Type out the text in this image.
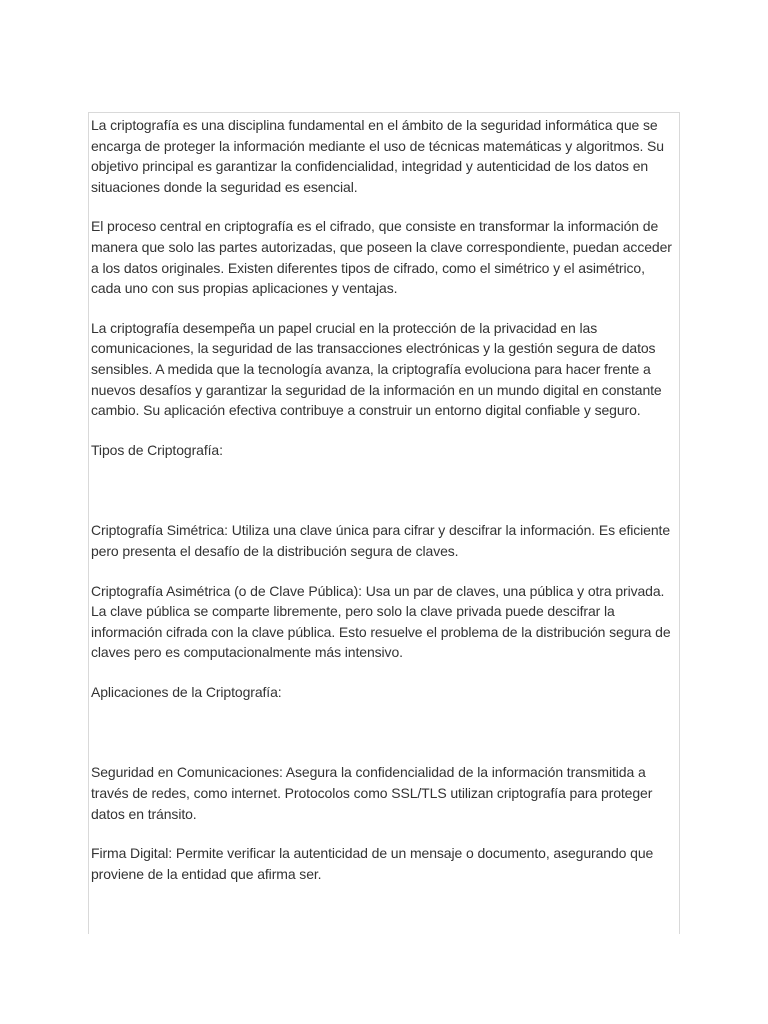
La criptografía es una disciplina fundamental en el ámbito de la seguridad informática que se encarga de proteger la información mediante el uso de técnicas matemáticas y algoritmos. Su objetivo principal es garantizar la confidencialidad, integridad y autenticidad de los datos en situaciones donde la seguridad es esencial.

El proceso central en criptografía es el cifrado, que consiste en transformar la información de manera que solo las partes autorizadas, que poseen la clave correspondiente, puedan acceder a los datos originales. Existen diferentes tipos de cifrado, como el simétrico y el asimétrico, cada uno con sus propias aplicaciones y ventajas.

La criptografía desempeña un papel crucial en la protección de la privacidad en las comunicaciones, la seguridad de las transacciones electrónicas y la gestión segura de datos sensibles. A medida que la tecnología avanza, la criptografía evoluciona para hacer frente a nuevos desafíos y garantizar la seguridad de la información en un mundo digital en constante cambio. Su aplicación efectiva contribuye a construir un entorno digital confiable y seguro.

Tipos de Criptografía:

Criptografía Simétrica: Utiliza una clave única para cifrar y descifrar la información. Es eficiente pero presenta el desafío de la distribución segura de claves.

Criptografía Asimétrica (o de Clave Pública): Usa un par de claves, una pública y otra privada. La clave pública se comparte libremente, pero solo la clave privada puede descifrar la información cifrada con la clave pública. Esto resuelve el problema de la distribución segura de claves pero es computacionalmente más intensivo.

Aplicaciones de la Criptografía:

Seguridad en Comunicaciones: Asegura la confidencialidad de la información transmitida a través de redes, como internet. Protocolos como SSL/TLS utilizan criptografía para proteger datos en tránsito.

Firma Digital: Permite verificar la autenticidad de un mensaje o documento, asegurando que proviene de la entidad que afirma ser.
